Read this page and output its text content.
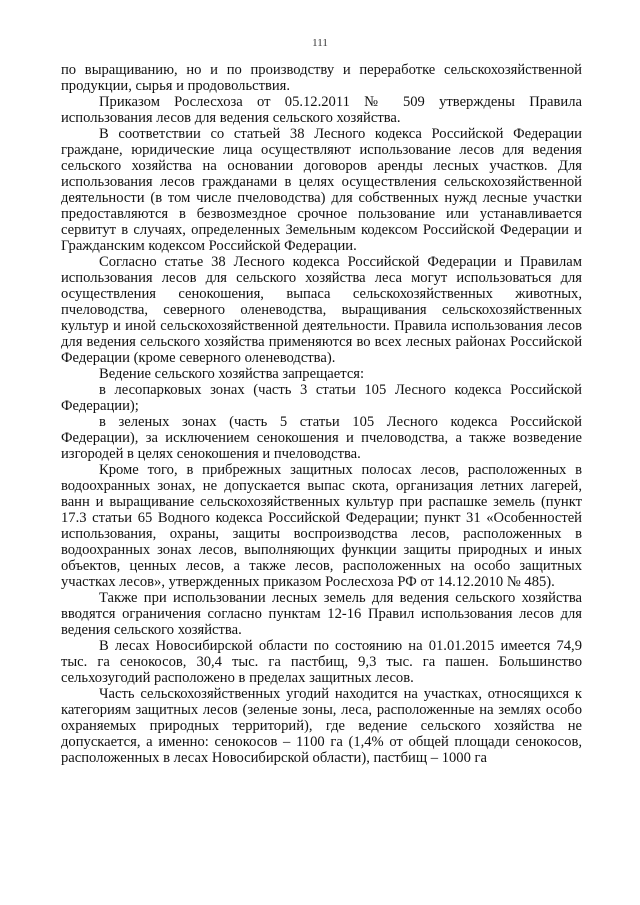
111

по выращиванию, но и по производству и переработке сельскохозяйственной продукции, сырья и продовольствия.

Приказом Рослесхоза от 05.12.2011 № 509 утверждены Правила использования лесов для ведения сельского хозяйства.

В соответствии со статьей 38 Лесного кодекса Российской Федерации граждане, юридические лица осуществляют использование лесов для ведения сельского хозяйства на основании договоров аренды лесных участков. Для использования лесов гражданами в целях осуществления сельскохозяйственной деятельности (в том числе пчеловодства) для собственных нужд лесные участки предоставляются в безвозмездное срочное пользование или устанавливается сервитут в случаях, определенных Земельным кодексом Российской Федерации и Гражданским кодексом Российской Федерации.

Согласно статье 38 Лесного кодекса Российской Федерации и Правилам использования лесов для сельского хозяйства леса могут использоваться для осуществления сенокошения, выпаса сельскохозяйственных животных, пчеловодства, северного оленеводства, выращивания сельскохозяйственных культур и иной сельскохозяйственной деятельности. Правила использования лесов для ведения сельского хозяйства применяются во всех лесных районах Российской Федерации (кроме северного оленеводства).

Ведение сельского хозяйства запрещается:

в лесопарковых зонах (часть 3 статьи 105 Лесного кодекса Российской Федерации);

в зеленых зонах (часть 5 статьи 105 Лесного кодекса Российской Федерации), за исключением сенокошения и пчеловодства, а также возведение изгородей в целях сенокошения и пчеловодства.

Кроме того, в прибрежных защитных полосах лесов, расположенных в водоохранных зонах, не допускается выпас скота, организация летних лагерей, ванн и выращивание сельскохозяйственных культур при распашке земель (пункт 17.3 статьи 65 Водного кодекса Российской Федерации; пункт 31 «Особенностей использования, охраны, защиты воспроизводства лесов, расположенных в водоохранных зонах лесов, выполняющих функции защиты природных и иных объектов, ценных лесов, а также лесов, расположенных на особо защитных участках лесов», утвержденных приказом Рослесхоза РФ от 14.12.2010 № 485).

Также при использовании лесных земель для ведения сельского хозяйства вводятся ограничения согласно пунктам 12-16 Правил использования лесов для ведения сельского хозяйства.

В лесах Новосибирской области по состоянию на 01.01.2015 имеется 74,9 тыс. га сенокосов, 30,4 тыс. га пастбищ, 9,3 тыс. га пашен. Большинство сельхозугодий расположено в пределах защитных лесов.

Часть сельскохозяйственных угодий находится на участках, относящихся к категориям защитных лесов (зеленые зоны, леса, расположенные на землях особо охраняемых природных территорий), где ведение сельского хозяйства не допускается, а именно: сенокосов – 1100 га (1,4% от общей площади сенокосов, расположенных в лесах Новосибирской области), пастбищ – 1000 га
